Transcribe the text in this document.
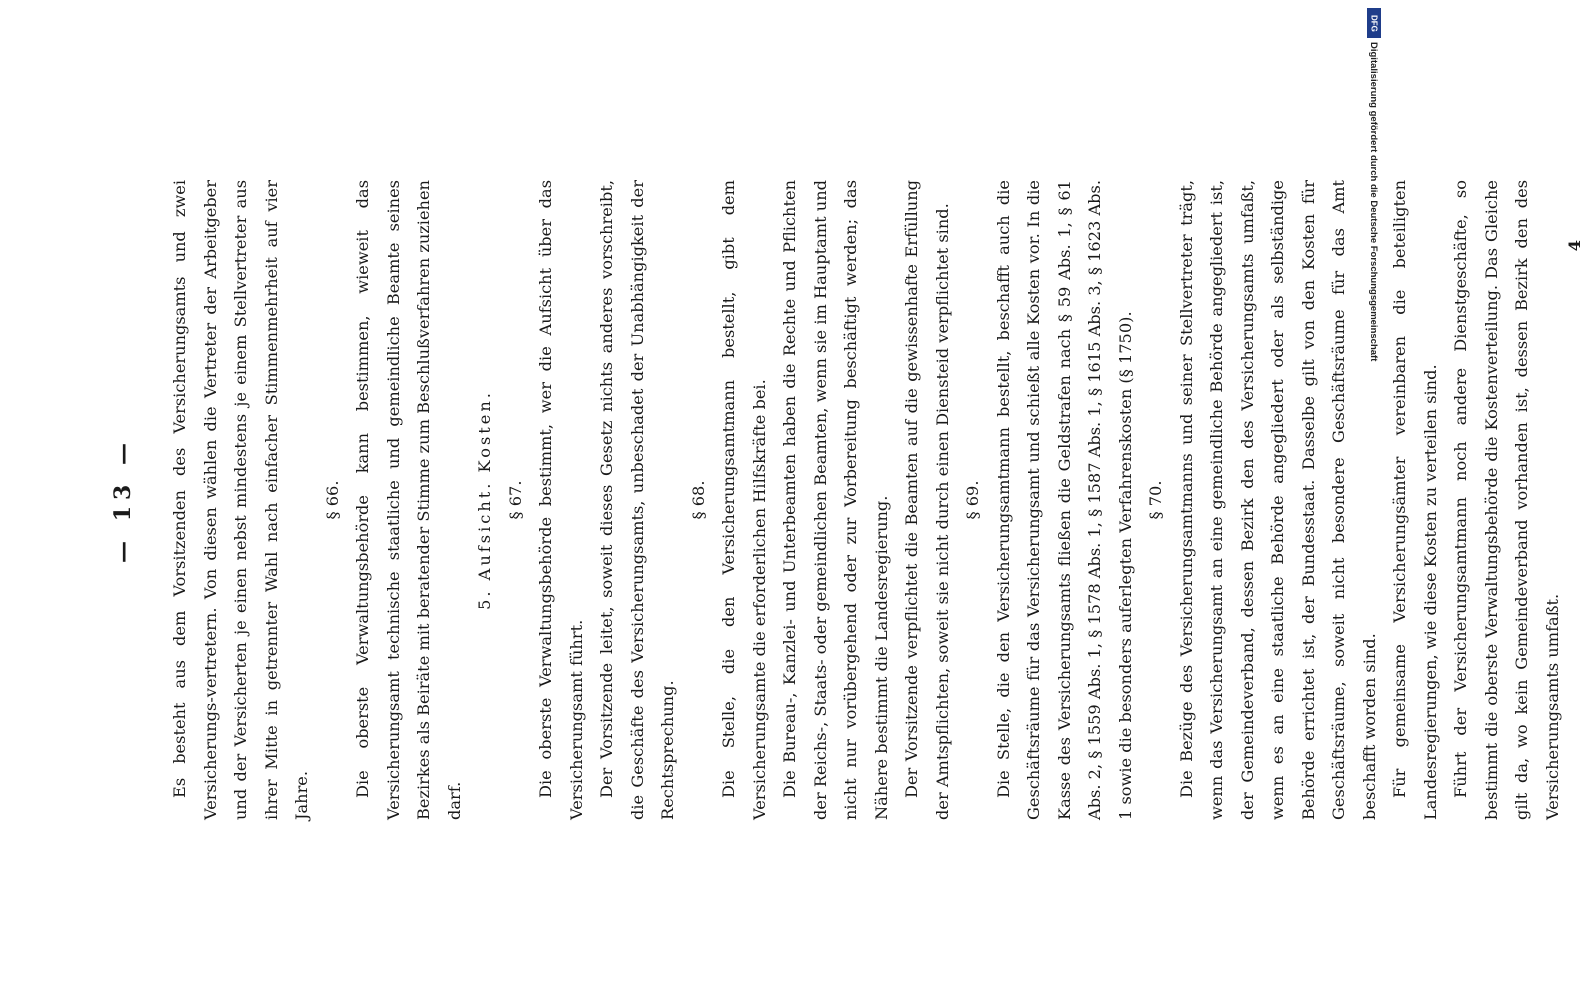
— 13 —	Es besteht aus dem Vorsitzenden des Versicherungsamts und zwei Versicherungs-vertretern. Von diesen wählen die Vertreter der Arbeitgeber und der Versicherten je einen nebst mindestens je einem Stellvertreter aus ihrer Mitte in getrennter Wahl nach einfacher Stimmenmehrheit auf vier Jahre.

§ 66. Die oberste Verwaltungsbehörde kann bestimmen, wieweit das Versicherungsamt technische staatliche und gemeindliche Beamte seines Bezirkes als Beiräte mit beratender Stimme zum Beschlußverfahren zuziehen darf.

5. Aufsicht. Kosten. § 67. Die oberste Verwaltungsbehörde bestimmt, wer die Aufsicht über das Versicherungsamt führt. Der Vorsitzende leitet, soweit dieses Gesetz nichts anderes vorschreibt, die Geschäfte des Versicherungsamts, unbeschadet der Unabhängigkeit der Rechtsprechung.

§ 68. Die Stelle, die den Versicherungsamtmann bestellt, gibt dem Versicherungsamte die erforderlichen Hilfskräfte bei. Die Bureau-, Kanzlei- und Unterbeamten haben die Rechte und Pflichten der Reichs-, Staats- oder gemeindlichen Beamten, wenn sie im Hauptamt und nicht nur vorübergehend oder zur Vorbereitung beschäftigt werden; das Nähere bestimmt die Landesregierung. Der Vorsitzende verpflichtet die Beamten auf die gewissenhafte Erfüllung der Amtspflichten, soweit sie nicht durch einen Diensteid verpflichtet sind. § 69. Die Stelle, die den Versicherungsamtmann bestellt, beschafft auch die Geschäftsräume für das Versicherungsamt und schießt alle Kosten vor. In die Kasse des Versicherungsamts fließen die Geldstrafen nach § 59 Abs. 1, § 61 Abs. 2, § 1559 Abs. 1, § 1578 Abs. 1, § 1587 Abs. 1, § 1615 Abs. 3, § 1623 Abs. 1 sowie die besonders auferlegten Verfahrenskosten (§ 1750). § 70. Die Bezüge des Versicherungsamtmanns und seiner Stellvertreter trägt, wenn das Versicherungsamt an eine gemeindliche Behörde angegliedert ist, der Gemeindeverband, dessen Bezirk den des Versicherungsamts umfaßt, wenn es an eine staatliche Behörde angegliedert oder als selbständige Behörde errichtet ist, der Bundesstaat. Dasselbe gilt von den Kosten für Geschäftsräume, soweit nicht besondere Geschäftsräume für das Amt beschafft worden sind. Für gemeinsame Versicherungsämter vereinbaren die beteiligten Landesregierungen, wie diese Kosten zu verteilen sind. Führt der Versicherungsamtmann noch andere Dienstgeschäfte, so bestimmt die oberste Verwaltungsbehörde die Kostenverteilung. Das Gleiche gilt da, wo kein Gemeindeverband vorhanden ist, dessen Bezirk den des Versicherungsamts umfaßt.

4

DFG
Digitalisierung gefördert durch die Deutsche Forschungsgemeinschaft
